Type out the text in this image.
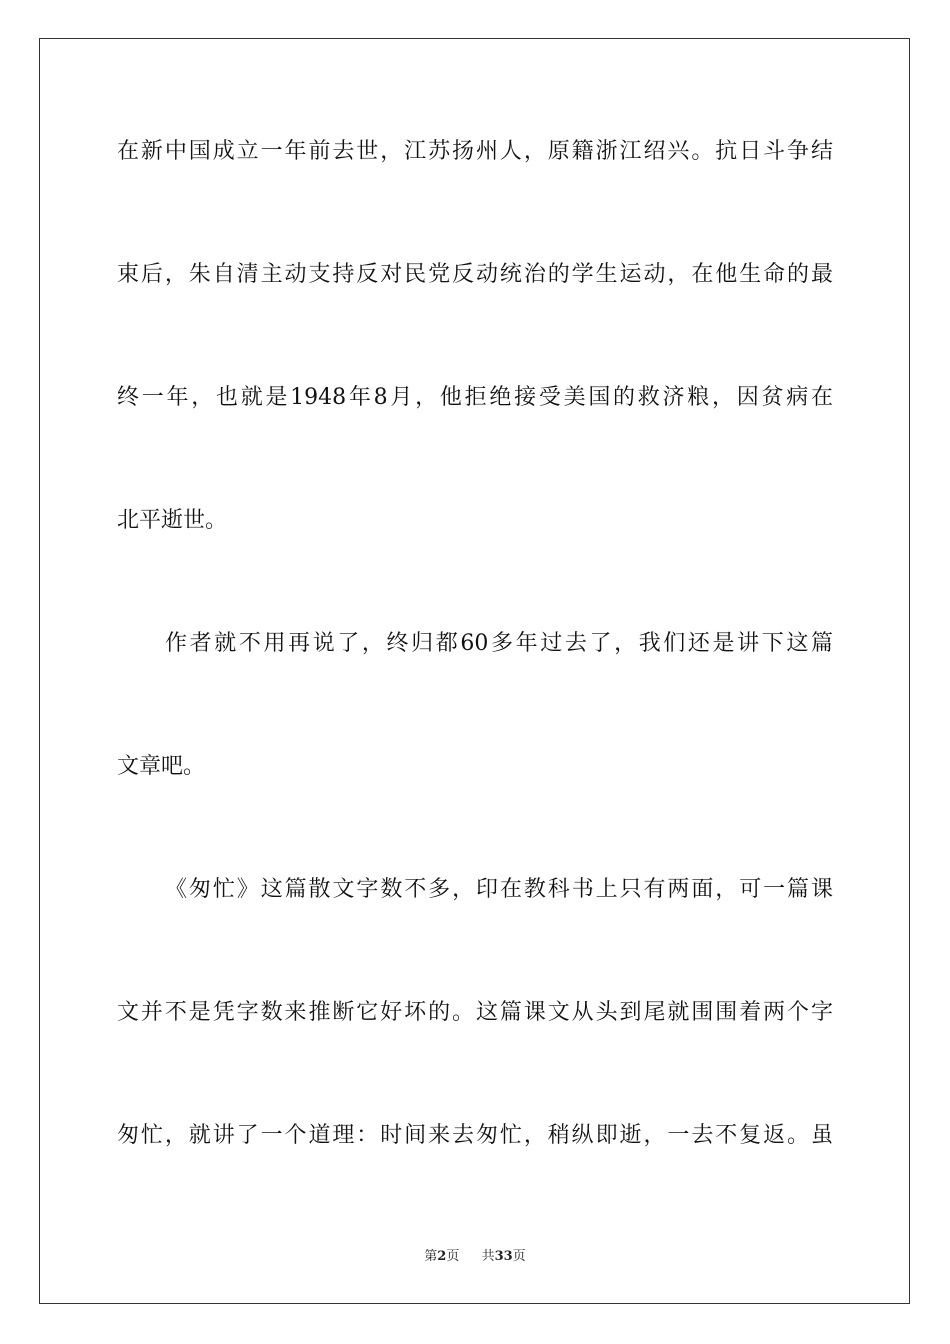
在新中国成立一年前去世，江苏扬州人，原籍浙江绍兴。抗日斗争结
束后，朱自清主动支持反对民党反动统治的学生运动，在他生命的最
终一年，也就是1948年8月，他拒绝接受美国的救济粮，因贫病在
北平逝世。
作者就不用再说了，终归都60多年过去了，我们还是讲下这篇
文章吧。
《匆忙》这篇散文字数不多，印在教科书上只有两面，可一篇课
文并不是凭字数来推断它好坏的。这篇课文从头到尾就围围着两个字
匆忙，就讲了一个道理：时间来去匆忙，稍纵即逝，一去不复返。虽
第2页 共33页
